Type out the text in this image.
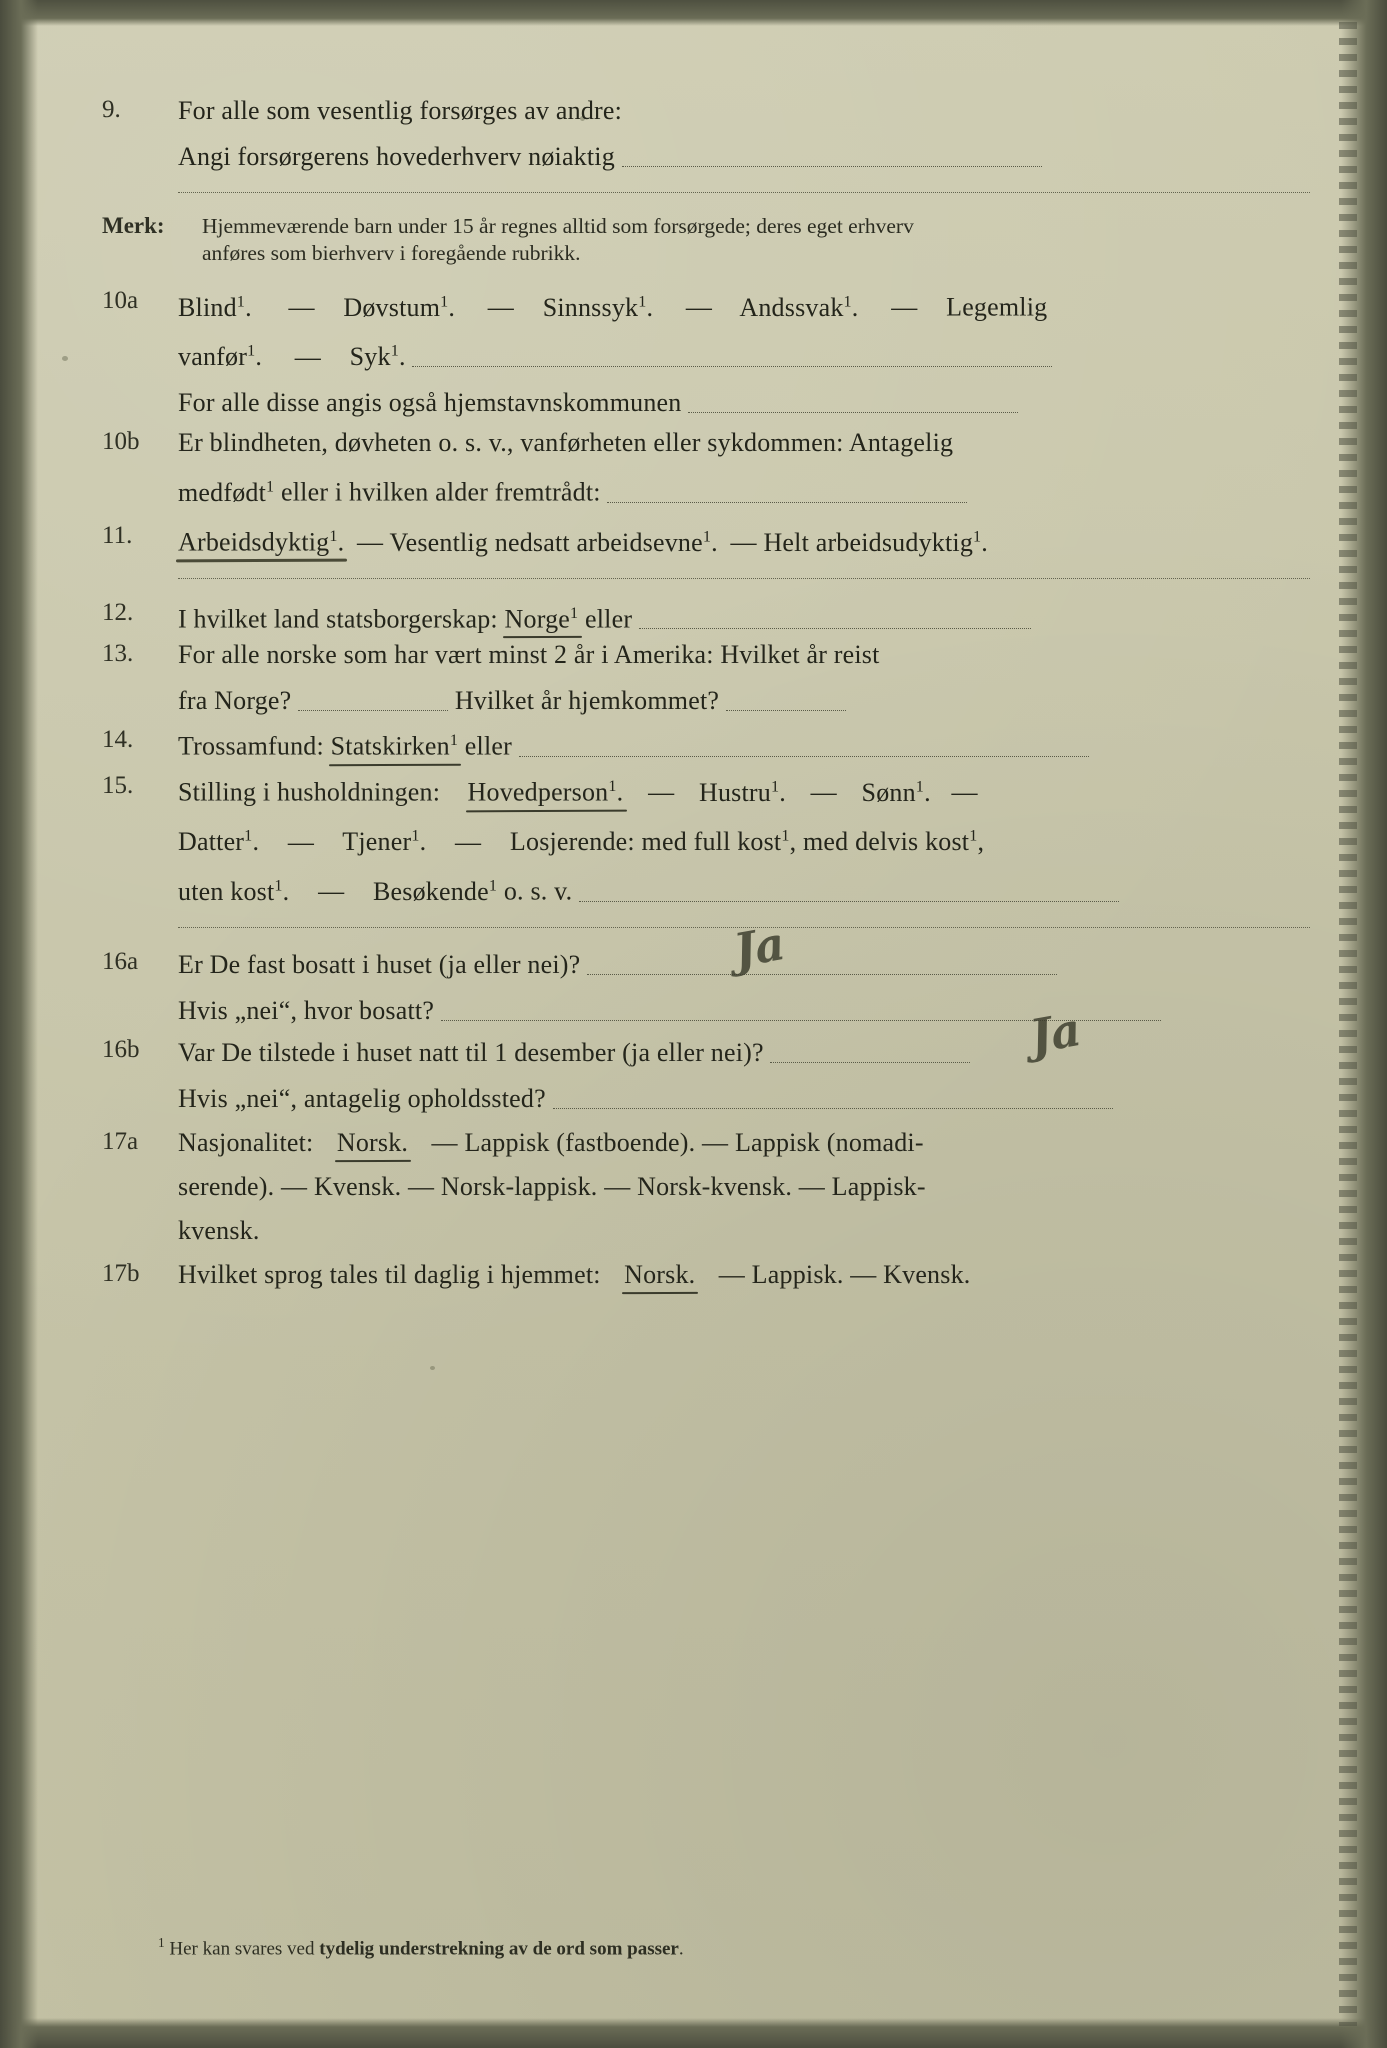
9.	For alle som vesentlig forsørges av andre:
Angi forsørgerens hovederhverv nøiaktig
Merk:	Hjemmeværende barn under 15 år regnes alltid som forsørgede; deres eget erhverv
anføres som bierhverv i foregående rubrikk.
10a	Blind$^1$. — Døvstum$^1$. — Sinnssyk$^1$. — Andssvak$^1$. — Legemlig
vanfør$^1$. — Syk$^1$.
For alle disse angis også hjemstavnskommunen
10b	Er blindheten, døvheten o. s. v., vanførheten eller sykdommen: Antagelig
medfødt$^1$ eller i hvilken alder fremtrådt:
11.	Arbeidsdyktig$^1$. — Vesentlig nedsatt arbeidsevne$^1$. — Helt arbeidsudyktig$^1$.
12.	I hvilket land statsborgerskap: Norge$^1$ eller
13.	For alle norske som har vært minst 2 år i Amerika: Hvilket år reist
fra Norge?	Hvilket år hjemkommet?
14.	Trossamfund: Statskirken$^1$ eller
15.	Stilling i husholdningen: Hovedperson$^1$. — Hustru$^1$. — Sønn$^1$. —
Datter$^1$. — Tjener$^1$. — Losjerende: med full kost$^1$, med delvis kost$^1$,
uten kost$^1$. — Besøkende$^1$ o. s. v.
16a	Er De fast bosatt i huset (ja eller nei)?	Ja
Hvis „nei“, hvor bosatt?
16b	Var De tilstede i huset natt til 1 desember (ja eller nei)?	Ja
Hvis „nei“, antagelig opholdssted?
17a	Nasjonalitet: Norsk. — Lappisk (fastboende). — Lappisk (nomadi-
serende). — Kvensk. — Norsk-lappisk. — Norsk-kvensk. — Lappisk-
kvensk.
17b	Hvilket sprog tales til daglig i hjemmet: Norsk. — Lappisk. — Kvensk.
$^1$ Her kan svares ved tydelig understrekning av de ord som passer.
